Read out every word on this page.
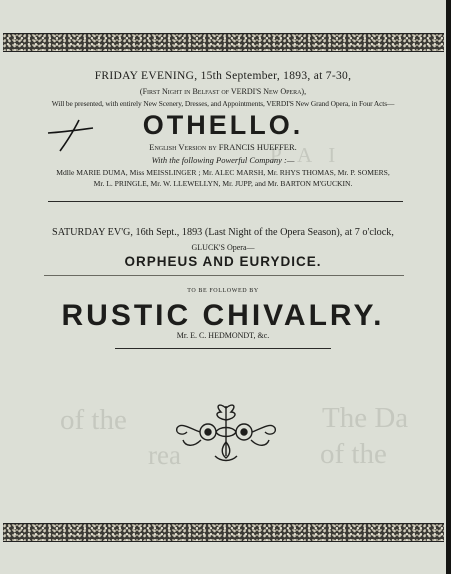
P A I
The Da
of the
of the
rea
FRIDAY EVENING, 15th September, 1893, at 7-30,
(First Night in Belfast of VERDI'S New Opera),
Will be presented, with entirely New Scenery, Dresses, and Appointments, VERDI'S New Grand Opera, in Four Acts—
OTHELLO.
English Version by FRANCIS HUEFFER.
With the following Powerful Company :—
Mdlle MARIE DUMA, Miss MEISSLINGER ; Mr. ALEC MARSH, Mr. RHYS THOMAS, Mr. P. SOMERS,
Mr. L. PRINGLE, Mr. W. LLEWELLYN, Mr. JUPP, and Mr. BARTON M'GUCKIN.
SATURDAY EV'G, 16th Sept., 1893 (Last Night of the Opera Season), at 7 o'clock,
GLUCK'S Opera—
ORPHEUS AND EURYDICE.
TO BE FOLLOWED BY
RUSTIC CHIVALRY.
Mr. E. C. HEDMONDT, &c.
